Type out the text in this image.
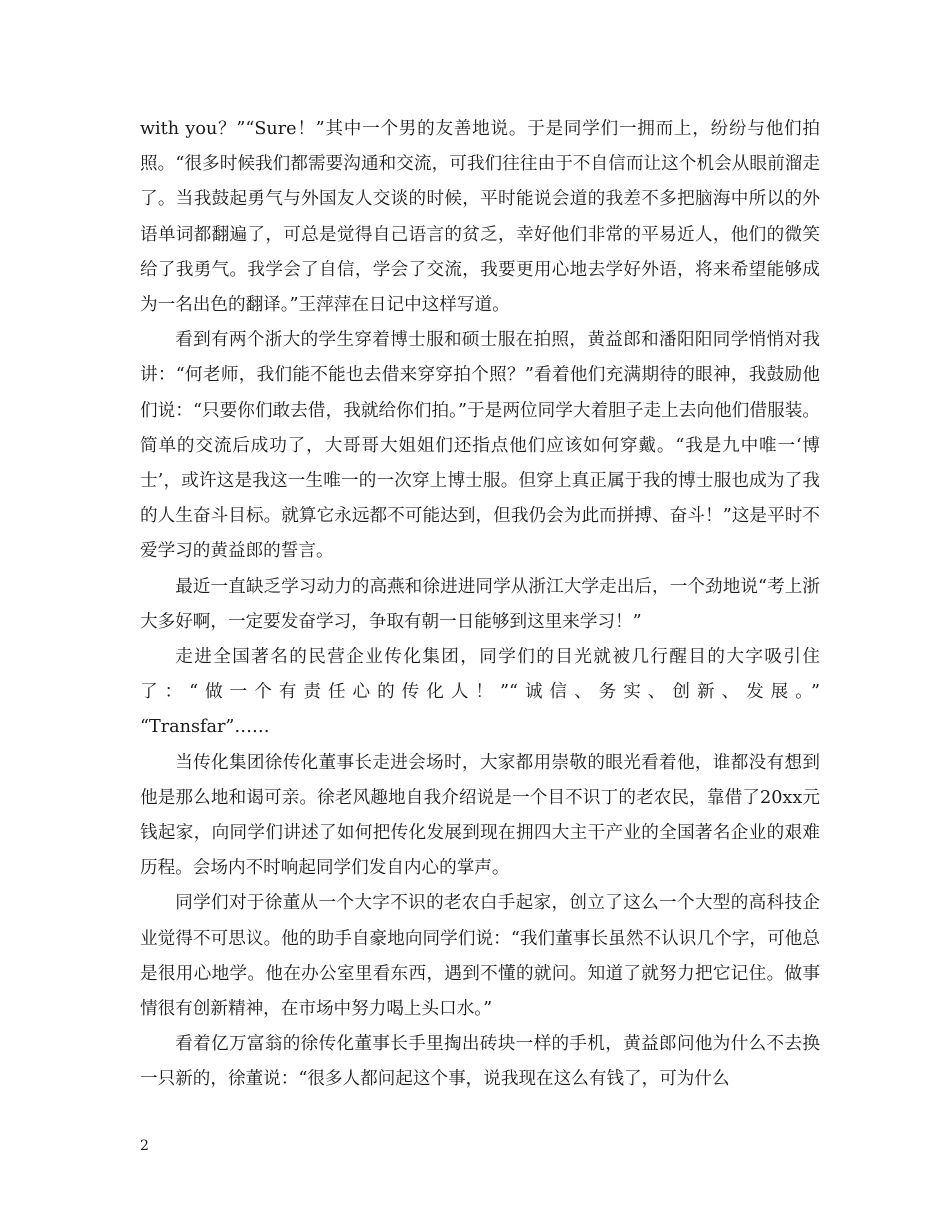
with you？”“Sure！”其中一个男的友善地说。于是同学们一拥而上，纷纷与他们拍照。“很多时候我们都需要沟通和交流，可我们往往由于不自信而让这个机会从眼前溜走了。当我鼓起勇气与外国友人交谈的时候，平时能说会道的我差不多把脑海中所以的外语单词都翻遍了，可总是觉得自己语言的贫乏，幸好他们非常的平易近人，他们的微笑给了我勇气。我学会了自信，学会了交流，我要更用心地去学好外语，将来希望能够成为一名出色的翻译。”王萍萍在日记中这样写道。

看到有两个浙大的学生穿着博士服和硕士服在拍照，黄益郎和潘阳阳同学悄悄对我讲：“何老师，我们能不能也去借来穿穿拍个照？”看着他们充满期待的眼神，我鼓励他们说：“只要你们敢去借，我就给你们拍。”于是两位同学大着胆子走上去向他们借服装。简单的交流后成功了，大哥哥大姐姐们还指点他们应该如何穿戴。“我是九中唯一‘博士’，或许这是我这一生唯一的一次穿上博士服。但穿上真正属于我的博士服也成为了我的人生奋斗目标。就算它永远都不可能达到，但我仍会为此而拼搏、奋斗！”这是平时不爱学习的黄益郎的誓言。

最近一直缺乏学习动力的高燕和徐进进同学从浙江大学走出后，一个劲地说“考上浙大多好啊，一定要发奋学习，争取有朝一日能够到这里来学习！”

走进全国著名的民营企业传化集团，同学们的目光就被几行醒目的大字吸引住了：“做一个有责任心的传化人！”“诚信、务实、创新、发展。”

“Transfar”……

当传化集团徐传化董事长走进会场时，大家都用崇敬的眼光看着他，谁都没有想到他是那么地和谒可亲。徐老风趣地自我介绍说是一个目不识丁的老农民，靠借了20xx元钱起家，向同学们讲述了如何把传化发展到现在拥四大主干产业的全国著名企业的艰难历程。会场内不时响起同学们发自内心的掌声。

同学们对于徐董从一个大字不识的老农白手起家，创立了这么一个大型的高科技企业觉得不可思议。他的助手自豪地向同学们说：“我们董事长虽然不认识几个字，可他总是很用心地学。他在办公室里看东西，遇到不懂的就问。知道了就努力把它记住。做事情很有创新精神，在市场中努力喝上头口水。”

看着亿万富翁的徐传化董事长手里掏出砖块一样的手机，黄益郎问他为什么不去换一只新的，徐董说：“很多人都问起这个事，说我现在这么有钱了，可为什么

2
